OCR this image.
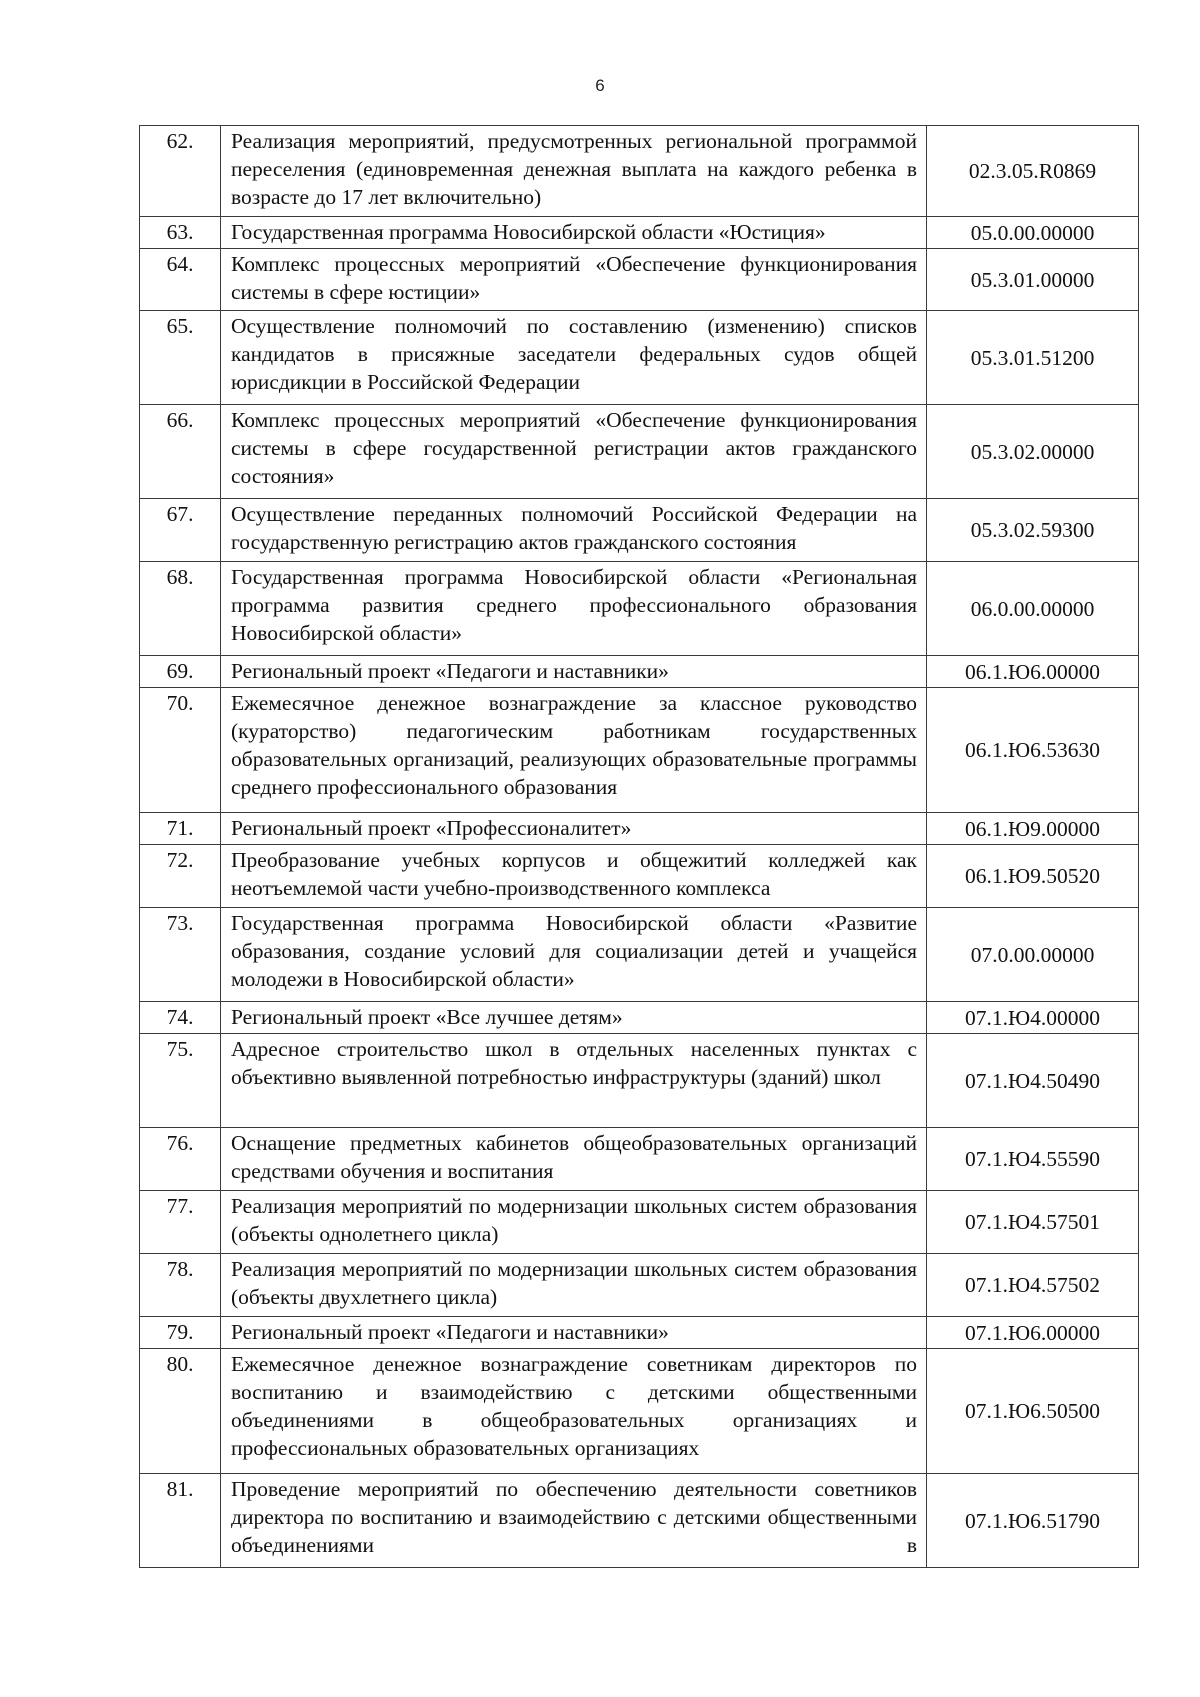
6
62.	Реализация мероприятий, предусмотренных региональной программой переселения (единовременная денежная выплата на каждого ребенка в возрасте до 17 лет включительно)	02.3.05.R0869
63.	Государственная программа Новосибирской области «Юстиция»	05.0.00.00000
64.	Комплекс процессных мероприятий «Обеспечение функционирования системы в сфере юстиции»	05.3.01.00000
65.	Осуществление полномочий по составлению (изменению) списков кандидатов в присяжные заседатели федеральных судов общей юрисдикции в Российской Федерации	05.3.01.51200
66.	Комплекс процессных мероприятий «Обеспечение функционирования системы в сфере государственной регистрации актов гражданского состояния»	05.3.02.00000
67.	Осуществление переданных полномочий Российской Федерации на государственную регистрацию актов гражданского состояния	05.3.02.59300
68.	Государственная программа Новосибирской области «Региональная программа развития среднего профессионального образования Новосибирской области»	06.0.00.00000
69.	Региональный проект «Педагоги и наставники»	06.1.Ю6.00000
70.	Ежемесячное денежное вознаграждение за классное руководство (кураторство) педагогическим работникам государственных образовательных организаций, реализующих образовательные программы среднего профессионального образования	06.1.Ю6.53630
71.	Региональный проект «Профессионалитет»	06.1.Ю9.00000
72.	Преобразование учебных корпусов и общежитий колледжей как неотъемлемой части учебно-производственного комплекса	06.1.Ю9.50520
73.	Государственная программа Новосибирской области «Развитие образования, создание условий для социализации детей и учащейся молодежи в Новосибирской области»	07.0.00.00000
74.	Региональный проект «Все лучшее детям»	07.1.Ю4.00000
75.	Адресное строительство школ в отдельных населенных пунктах с объективно выявленной потребностью инфраструктуры (зданий) школ	07.1.Ю4.50490
76.	Оснащение предметных кабинетов общеобразовательных организаций средствами обучения и воспитания	07.1.Ю4.55590
77.	Реализация мероприятий по модернизации школьных систем образования (объекты однолетнего цикла)	07.1.Ю4.57501
78.	Реализация мероприятий по модернизации школьных систем образования (объекты двухлетнего цикла)	07.1.Ю4.57502
79.	Региональный проект «Педагоги и наставники»	07.1.Ю6.00000
80.	Ежемесячное денежное вознаграждение советникам директоров по воспитанию и взаимодействию с детскими общественными объединениями в общеобразовательных организациях и профессиональных образовательных организациях	07.1.Ю6.50500
81.	Проведение мероприятий по обеспечению деятельности советников директора по воспитанию и взаимодействию с детскими общественными объединениями в	07.1.Ю6.51790
